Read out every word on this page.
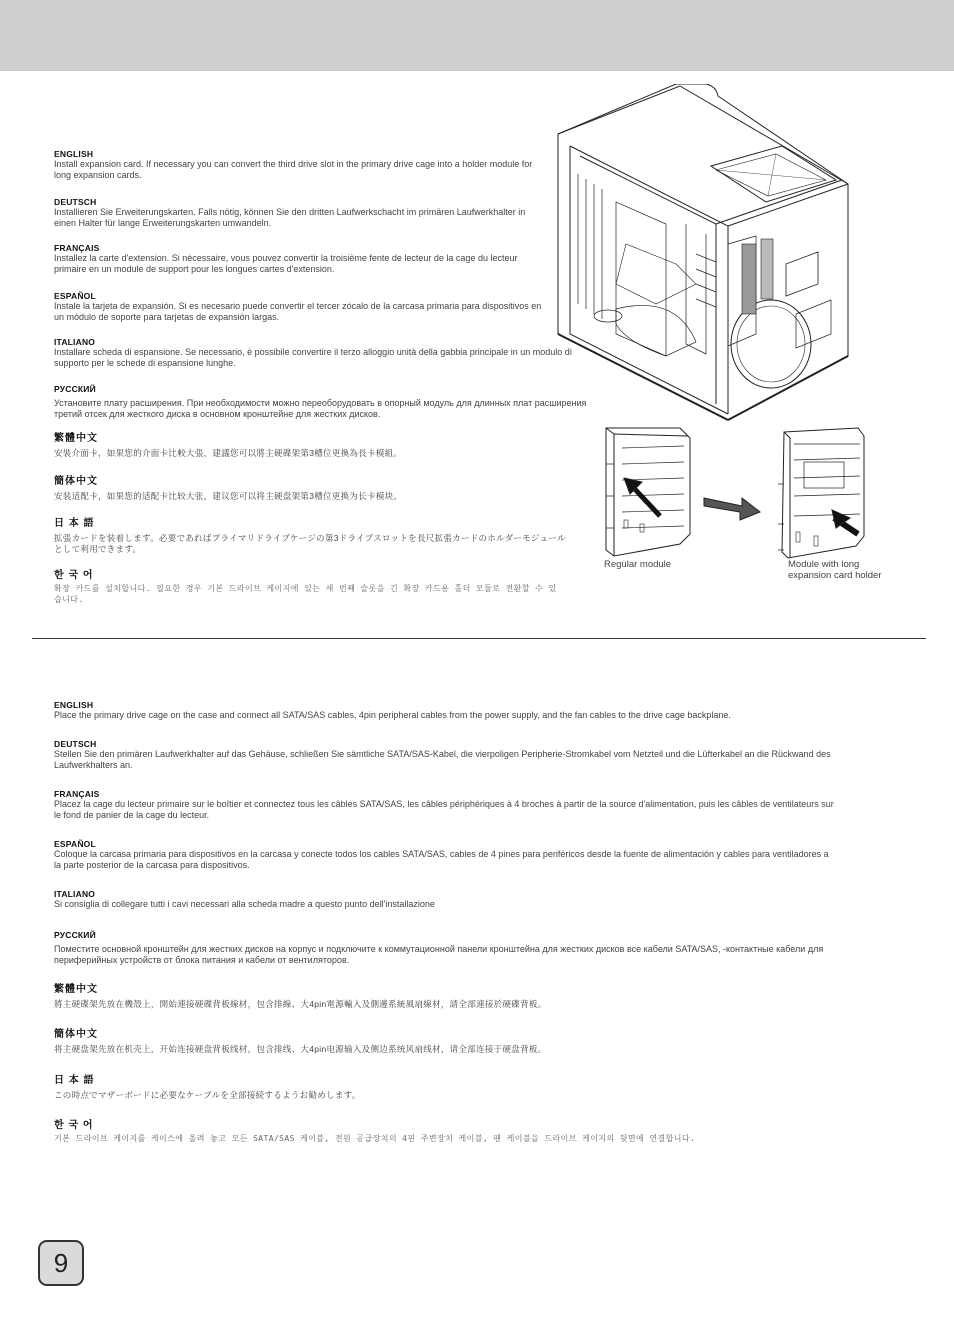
ENGLISH
Install expansion card. If necessary you can convert the third drive slot in the primary drive cage into a holder module for long expansion cards.
DEUTSCH
Installieren Sie Erweiterungskarten. Falls nötig, können Sie den dritten Laufwerkschacht im primären Laufwerkhalter in einen Halter für lange Erweiterungskarten umwandeln.
FRANÇAIS
Installez la carte d'extension. Si nécessaire, vous pouvez convertir la troisième fente de lecteur de la cage du lecteur primaire en un module de support pour les longues cartes d'extension.
ESPAÑOL
Instale la tarjeta de expansión. Si es necesario puede convertir el tercer zócalo de la carcasa primaria para dispositivos en un módulo de soporte para tarjetas de expansión largas.
ITALIANO
Installare scheda di espansione. Se necessario, è possibile convertire il terzo alloggio unità della gabbia principale in un modulo di supporto per le schede di espansione lunghe.
РУССКИЙ
Установите плату расширения. При необходимости можно переоборудовать в опорный модуль для длинных плат расширения третий отсек для жесткого диска в основном кронштейне для жестких дисков.
繁體中文
安裝介面卡，如果您的介面卡比較大張，建議您可以將主硬碟架第3槽位更換為長卡模組。
簡体中文
安装适配卡，如果您的适配卡比较大张，建议您可以将主硬盘架第3槽位更换为长卡模块。
日 本 語
拡張カードを装着します。必要であればプライマリドライブケージの第3ドライブスロットを長尺拡張カードのホルダーモジュールとして利用できます。
한 국 어
확장 카드를 설치합니다. 필요한 경우 기본 드라이브 케이지에 있는 세 번째 슬롯을 긴 확장 카드용 홀더 모듈로 전환할 수 있습니다.
Regular module	Module with long expansion card holder
ENGLISH
Place the primary drive cage on the case and connect all SATA/SAS cables, 4pin peripheral cables from the power supply, and the fan cables to the drive cage backplane.
DEUTSCH
Stellen Sie den primären Laufwerkhalter auf das Gehäuse, schließen Sie sämtliche SATA/SAS-Kabel, die vierpoligen Peripherie-Stromkabel vom Netzteil und die Lüfterkabel an die Rückwand des Laufwerkhalters an.
FRANÇAIS
Placez la cage du lecteur primaire sur le boîtier et connectez tous les câbles SATA/SAS, les câbles périphériques à 4 broches à partir de la source d'alimentation, puis les câbles de ventilateurs sur le fond de panier de la cage du lecteur.
ESPAÑOL
Coloque la carcasa primaria para dispositivos en la carcasa y conecte todos los cables SATA/SAS, cables de 4 pines para periféricos desde la fuente de alimentación y cables para ventiladores a la parte posterior de la carcasa para dispositivos.
ITALIANO
Si consiglia di collegare tutti i cavi necessari alla scheda madre a questo punto dell'installazione
РУССКИЙ
Поместите основной кронштейн для жестких дисков на корпус и подключите к коммутационной панели кронштейна для жестких дисков все кабели SATA/SAS, -контактные кабели для периферийных устройств от блока питания и кабели от вентиляторов.
繁體中文
將主硬碟架先放在機殼上，開始連接硬碟背板線材，包含排線、大4pin電源輸入及側邊系統風扇線材，請全部連接於硬碟背板。
簡体中文
将主硬盘架先放在机壳上，开始连接硬盘背板线材，包含排线、大4pin电源输入及侧边系统风扇线材，请全部连接于硬盘背板。
日 本 語
この時点でマザーボードに必要なケーブルを全部接続するようお勧めします。
한 국 어
기본 드라이브 케이지를 케이스에 올려 놓고 모든 SATA/SAS 케이블, 전원 공급장치의 4핀 주변장치 케이블, 팬 케이블을 드라이브 케이지의 뒷면에 연결합니다.
9
